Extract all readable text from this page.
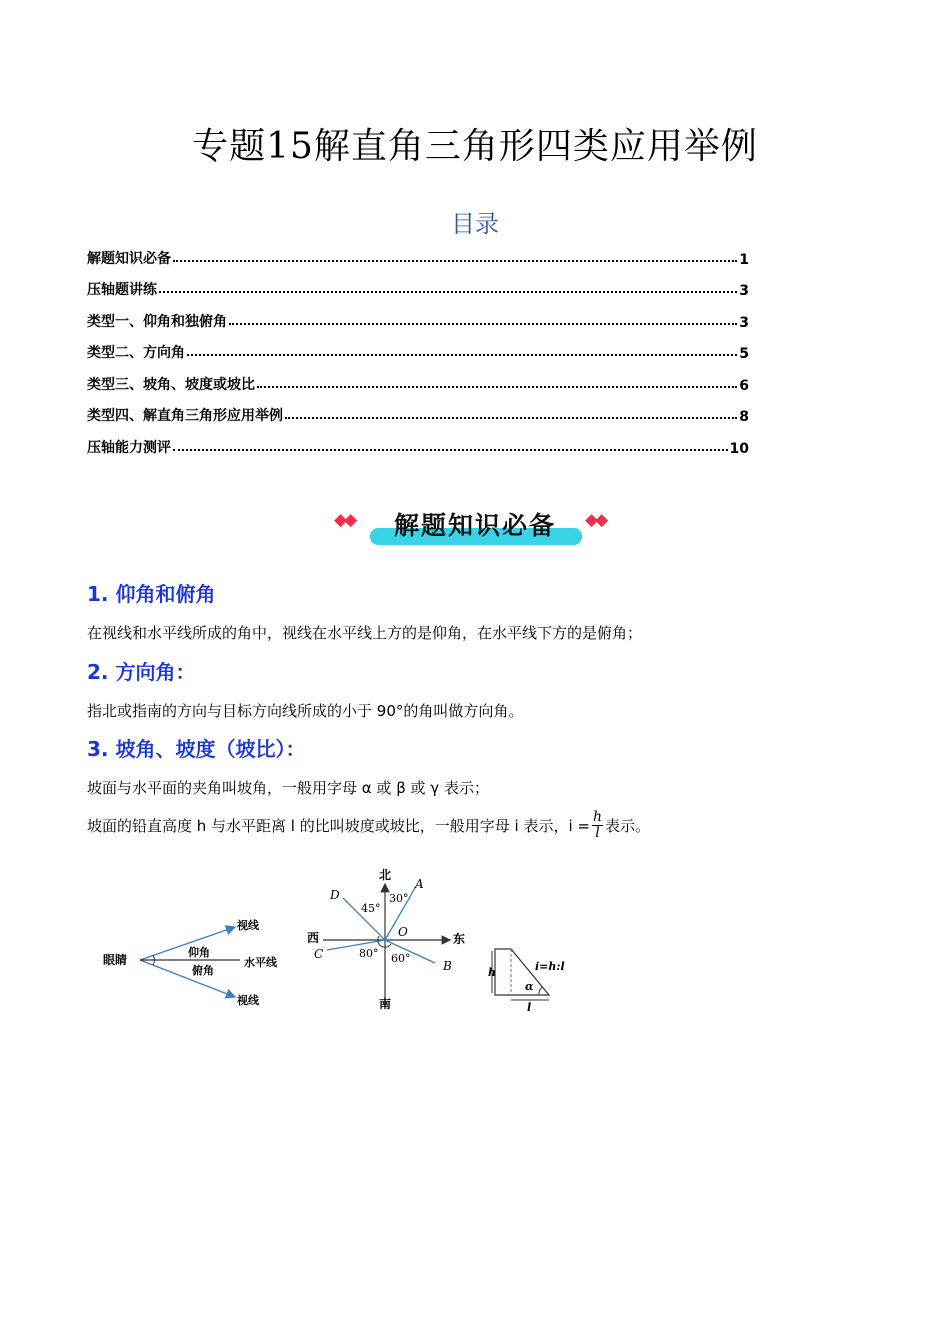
专题15解直角三角形四类应用举例
目录
解题知识必备	1
压轴题讲练	3
类型一、仰角和独俯角	3
类型二、方向角	5
类型三、坡角、坡度或坡比	6
类型四、解直角三角形应用举例	8
压轴能力测评	10
解题知识必备
◆◆	◆◆
1. 仰角和俯角
在视线和水平线所成的角中，视线在水平线上方的是仰角，在水平线下方的是俯角；
2. 方向角：
指北或指南的方向与目标方向线所成的小于 90°的角叫做方向角。
3. 坡角、坡度（坡比）：
坡面与水平面的夹角叫坡角，一般用字母 α 或 β 或 γ 表示；
坡面的铅直高度 h 与水平距离 l 的比叫坡度或坡比，一般用字母 i 表示，$i = \frac{h}{l}$ 表示。
眼睛
视线
视线
仰角
俯角
水平线
北
南
西	东
A
D
C
B
O
30°
45°
80° 60°
h	i=h:l
α
l
